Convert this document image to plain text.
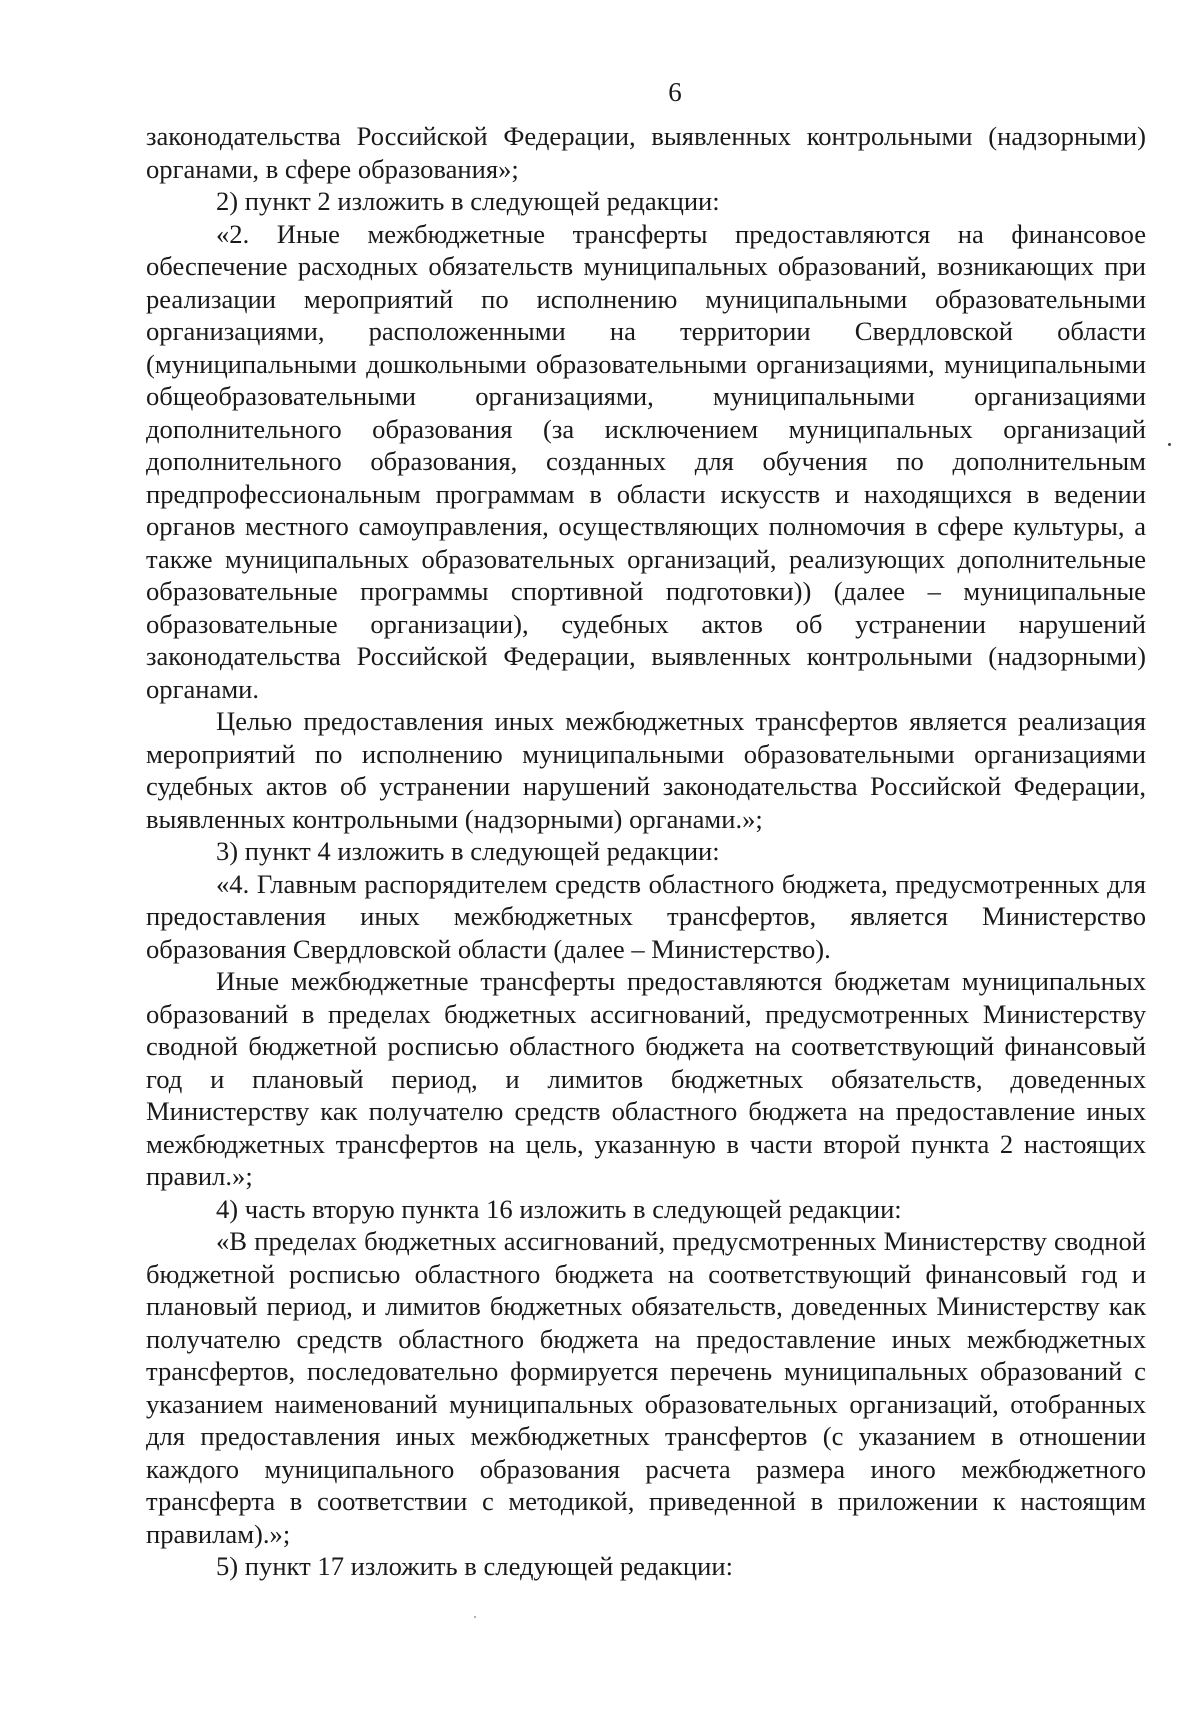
6

законодательства Российской Федерации, выявленных контрольными (надзорными) органами, в сфере образования»;

2) пункт 2 изложить в следующей редакции:

«2. Иные межбюджетные трансферты предоставляются на финансовое обеспечение расходных обязательств муниципальных образований, возникающих при реализации мероприятий по исполнению муниципальными образовательными организациями, расположенными на территории Свердловской области (муниципальными дошкольными образовательными организациями, муниципальными общеобразовательными организациями, муниципальными организациями дополнительного образования (за исключением муниципальных организаций дополнительного образования, созданных для обучения по дополнительным предпрофессиональным программам в области искусств и находящихся в ведении органов местного самоуправления, осуществляющих полномочия в сфере культуры, а также муниципальных образовательных организаций, реализующих дополнительные образовательные программы спортивной подготовки)) (далее – муниципальные образовательные организации), судебных актов об устранении нарушений законодательства Российской Федерации, выявленных контрольными (надзорными) органами.

Целью предоставления иных межбюджетных трансфертов является реализация мероприятий по исполнению муниципальными образовательными организациями судебных актов об устранении нарушений законодательства Российской Федерации, выявленных контрольными (надзорными) органами.»;

3) пункт 4 изложить в следующей редакции:

«4. Главным распорядителем средств областного бюджета, предусмотренных для предоставления иных межбюджетных трансфертов, является Министерство образования Свердловской области (далее – Министерство).

Иные межбюджетные трансферты предоставляются бюджетам муниципальных образований в пределах бюджетных ассигнований, предусмотренных Министерству сводной бюджетной росписью областного бюджета на соответствующий финансовый год и плановый период, и лимитов бюджетных обязательств, доведенных Министерству как получателю средств областного бюджета на предоставление иных межбюджетных трансфертов на цель, указанную в части второй пункта 2 настоящих правил.»;

4) часть вторую пункта 16 изложить в следующей редакции:

«В пределах бюджетных ассигнований, предусмотренных Министерству сводной бюджетной росписью областного бюджета на соответствующий финансовый год и плановый период, и лимитов бюджетных обязательств, доведенных Министерству как получателю средств областного бюджета на предоставление иных межбюджетных трансфертов, последовательно формируется перечень муниципальных образований с указанием наименований муниципальных образовательных организаций, отобранных для предоставления иных межбюджетных трансфертов (с указанием в отношении каждого муниципального образования расчета размера иного межбюджетного трансферта в соответствии с методикой, приведенной в приложении к настоящим правилам).»;

5) пункт 17 изложить в следующей редакции:
